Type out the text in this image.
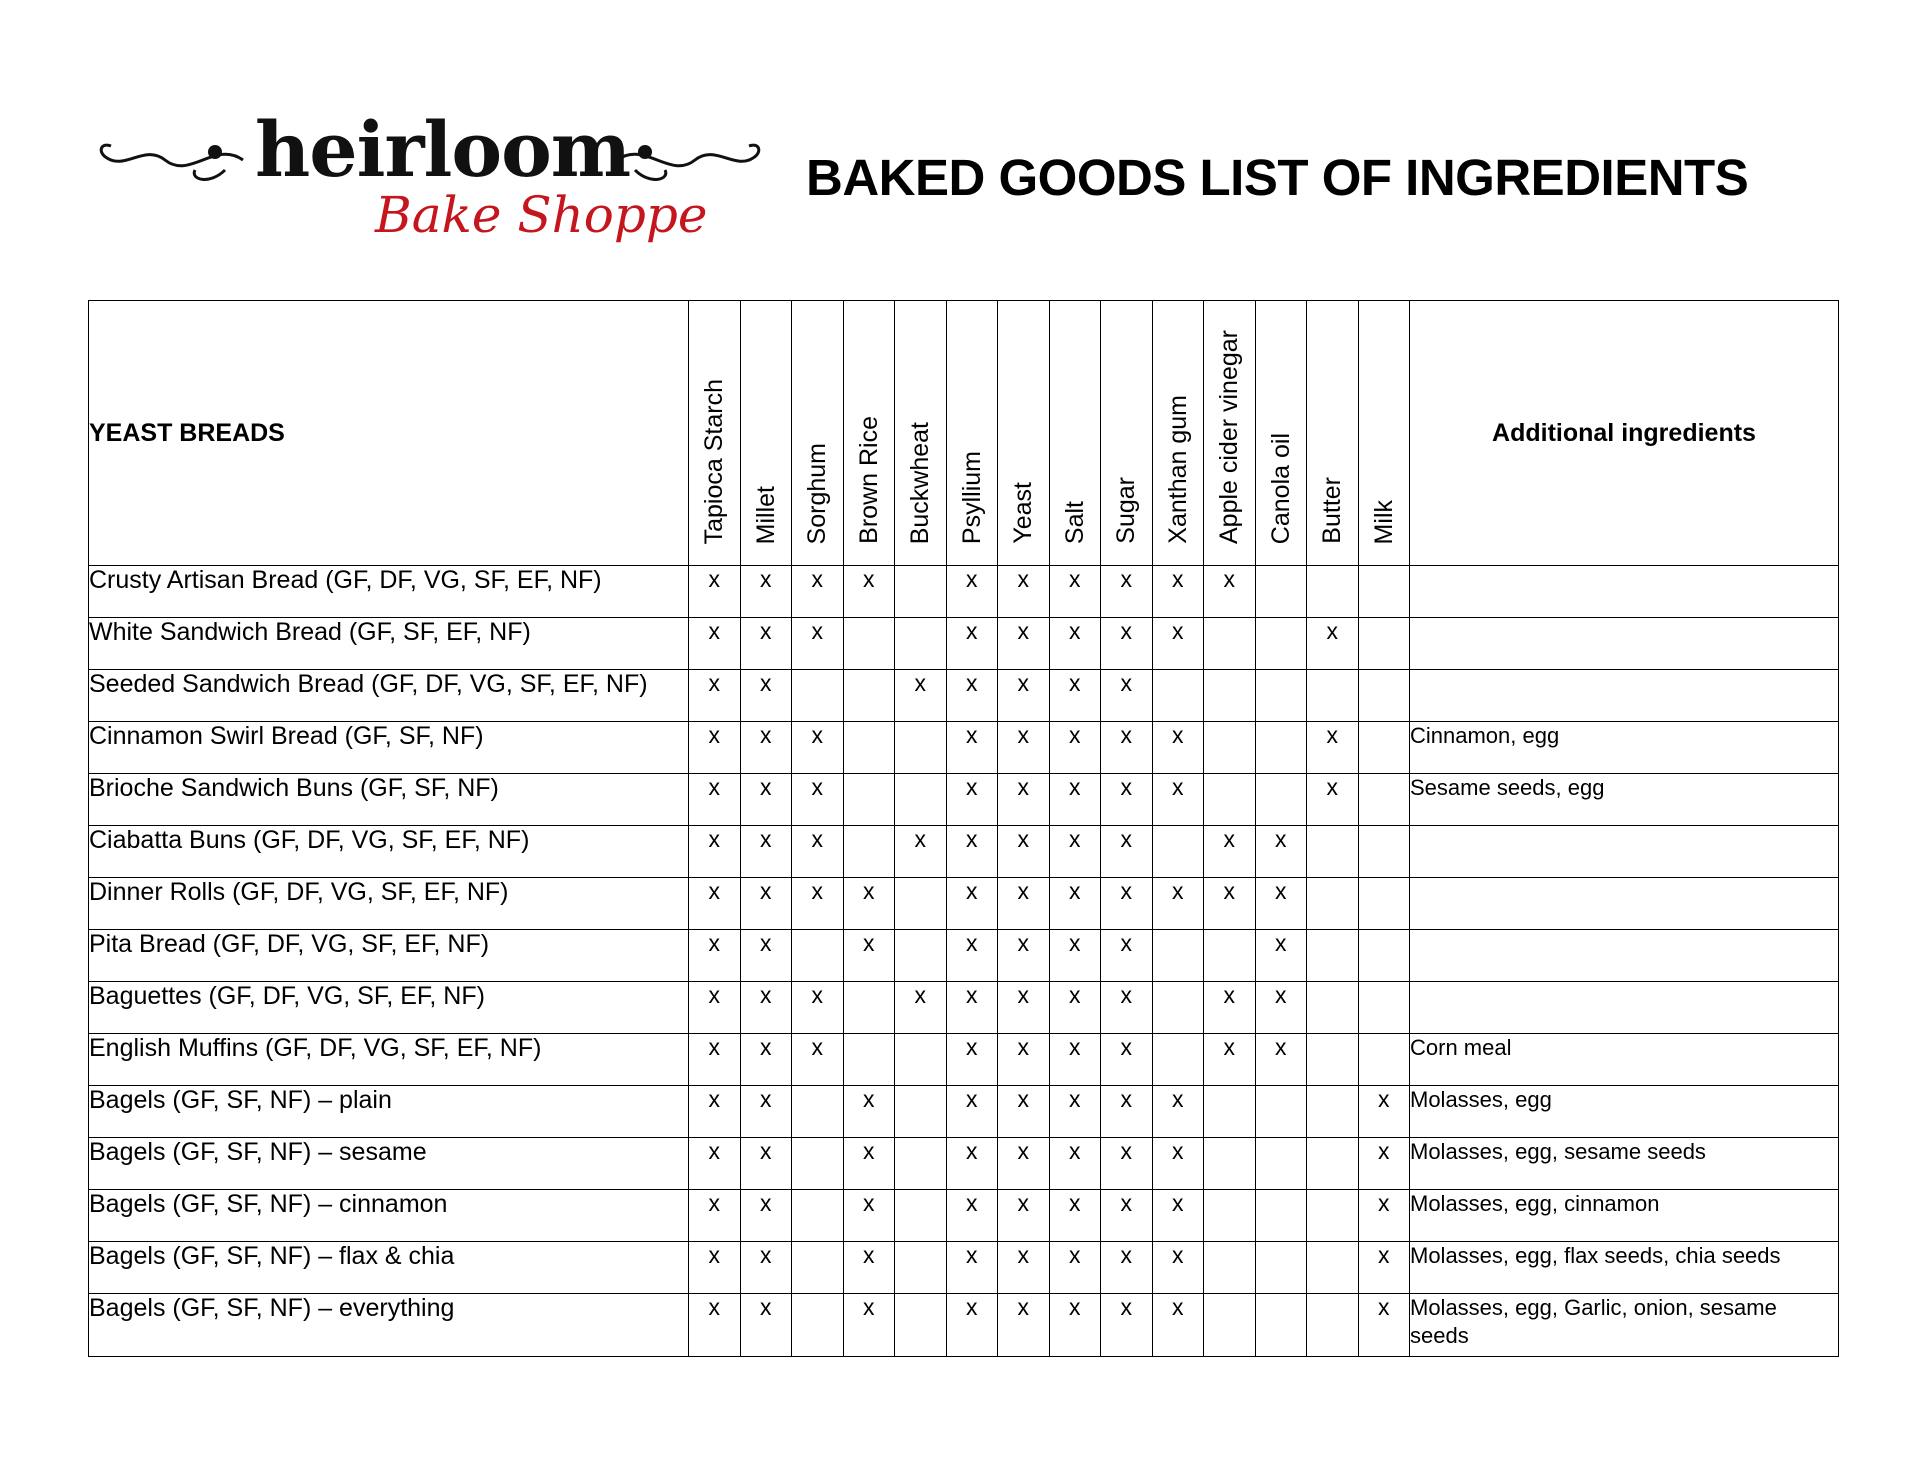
heirloom
Bake Shoppe
BAKED GOODS LIST OF INGREDIENTS
YEAST BREADS	Tapioca Starch	Millet	Sorghum	Brown Rice	Buckwheat	Psyllium	Yeast	Salt	Sugar	Xanthan gum	Apple cider vinegar	Canola oil	Butter	Milk	Additional ingredients
Crusty Artisan Bread (GF, DF, VG, SF, EF, NF)	x	x	x	x		x	x	x	x	x	x				
White Sandwich Bread (GF, SF, EF, NF)	x	x	x			x	x	x	x	x			x		
Seeded Sandwich Bread (GF, DF, VG, SF, EF, NF)	x	x			x	x	x	x	x						
Cinnamon Swirl Bread (GF, SF, NF)	x	x	x			x	x	x	x	x			x		Cinnamon, egg
Brioche Sandwich Buns (GF, SF, NF)	x	x	x			x	x	x	x	x			x		Sesame seeds, egg
Ciabatta Buns (GF, DF, VG, SF, EF, NF)	x	x	x		x	x	x	x	x		x	x			
Dinner Rolls (GF, DF, VG, SF, EF, NF)	x	x	x	x		x	x	x	x	x	x	x			
Pita Bread (GF, DF, VG, SF, EF, NF)	x	x		x		x	x	x	x			x			
Baguettes (GF, DF, VG, SF, EF, NF)	x	x	x		x	x	x	x	x		x	x			
English Muffins (GF, DF, VG, SF, EF, NF)	x	x	x			x	x	x	x		x	x			Corn meal
Bagels (GF, SF, NF) – plain	x	x		x		x	x	x	x	x				x	Molasses, egg
Bagels (GF, SF, NF) – sesame	x	x		x		x	x	x	x	x				x	Molasses, egg, sesame seeds
Bagels (GF, SF, NF) – cinnamon	x	x		x		x	x	x	x	x				x	Molasses, egg, cinnamon
Bagels (GF, SF, NF) – flax & chia	x	x		x		x	x	x	x	x				x	Molasses, egg, flax seeds, chia seeds
Bagels (GF, SF, NF) – everything	x	x		x		x	x	x	x	x				x	Molasses, egg, Garlic, onion, sesame seeds
